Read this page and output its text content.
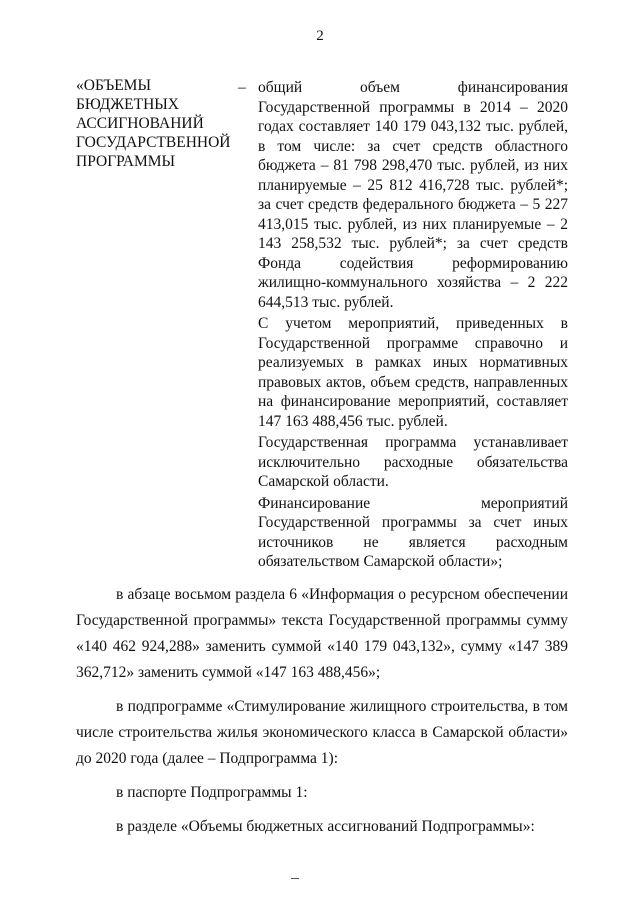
2
«ОБЪЕМЫ БЮДЖЕТНЫХ АССИГНОВАНИЙ ГОСУДАРСТВЕННОЙ ПРОГРАММЫ
– общий объем финансирования Государственной программы в 2014 – 2020 годах составляет 140 179 043,132 тыс. рублей, в том числе: за счет средств областного бюджета – 81 798 298,470 тыс. рублей, из них планируемые – 25 812 416,728 тыс. рублей*; за счет средств федерального бюджета – 5 227 413,015 тыс. рублей, из них планируемые – 2 143 258,532 тыс. рублей*; за счет средств Фонда содействия реформированию жилищно-коммунального хозяйства – 2 222 644,513 тыс. рублей.

С учетом мероприятий, приведенных в Государственной программе справочно и реализуемых в рамках иных нормативных правовых актов, объем средств, направленных на финансирование мероприятий, составляет 147 163 488,456 тыс. рублей.

Государственная программа устанавливает исключительно расходные обязательства Самарской области.

Финансирование мероприятий Государственной программы за счет иных источников не является расходным обязательством Самарской области»;

в абзаце восьмом раздела 6 «Информация о ресурсном обеспечении Государственной программы» текста Государственной программы сумму «140 462 924,288» заменить суммой «140 179 043,132», сумму «147 389 362,712» заменить суммой «147 163 488,456»;

в подпрограмме «Стимулирование жилищного строительства, в том числе строительства жилья экономического класса в Самарской области» до 2020 года (далее – Подпрограмма 1):

в паспорте Подпрограммы 1:

в разделе «Объемы бюджетных ассигнований Подпрограммы»:
